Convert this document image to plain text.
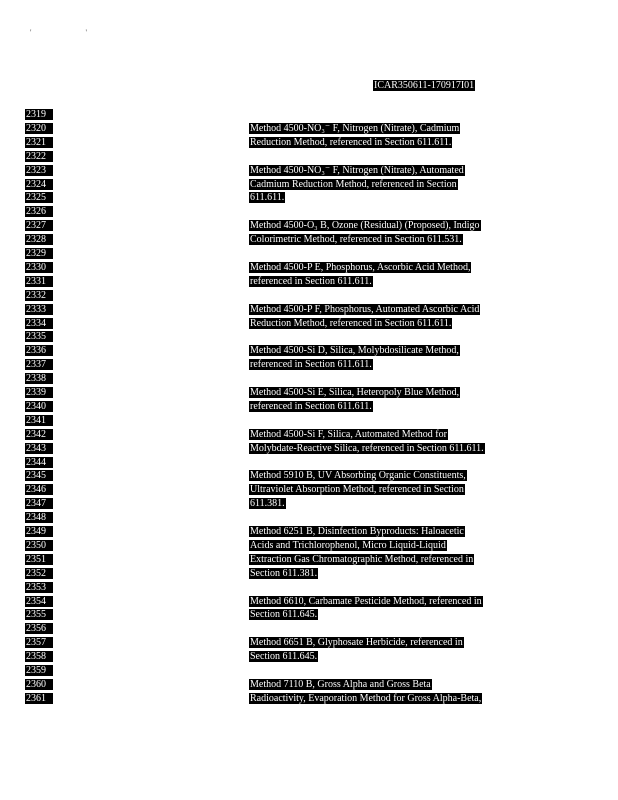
' '
ICAR350611-170917I01
2319
2320
2321
2322
2323
2324
2325
2326
2327
2328
2329
2330
2331
2332
2333
2334
2335
2336
2337
2338
2339
2340
2341
2342
2343
2344
2345
2346
2347
2348
2349
2350
2351
2352
2353
2354
2355
2356
2357
2358
2359
2360
2361
Method 4500-NO₃⁻ F, Nitrogen (Nitrate), Cadmium
Reduction Method, referenced in Section 611.611.
Method 4500-NO₃⁻ F, Nitrogen (Nitrate), Automated
Cadmium Reduction Method, referenced in Section
611.611.
Method 4500-O₃ B, Ozone (Residual) (Proposed), Indigo
Colorimetric Method, referenced in Section 611.531.
Method 4500-P E, Phosphorus, Ascorbic Acid Method,
referenced in Section 611.611.
Method 4500-P F, Phosphorus, Automated Ascorbic Acid
Reduction Method, referenced in Section 611.611.
Method 4500-Si D, Silica, Molybdosilicate Method,
referenced in Section 611.611.
Method 4500-Si E, Silica, Heteropoly Blue Method,
referenced in Section 611.611.
Method 4500-Si F, Silica, Automated Method for
Molybdate-Reactive Silica, referenced in Section 611.611.
Method 5910 B, UV Absorbing Organic Constituents,
Ultraviolet Absorption Method, referenced in Section
611.381.
Method 6251 B, Disinfection Byproducts: Haloacetic
Acids and Trichlorophenol, Micro Liquid-Liquid
Extraction Gas Chromatographic Method, referenced in
Section 611.381.
Method 6610, Carbamate Pesticide Method, referenced in
Section 611.645.
Method 6651 B, Glyphosate Herbicide, referenced in
Section 611.645.
Method 7110 B, Gross Alpha and Gross Beta
Radioactivity, Evaporation Method for Gross Alpha-Beta,
